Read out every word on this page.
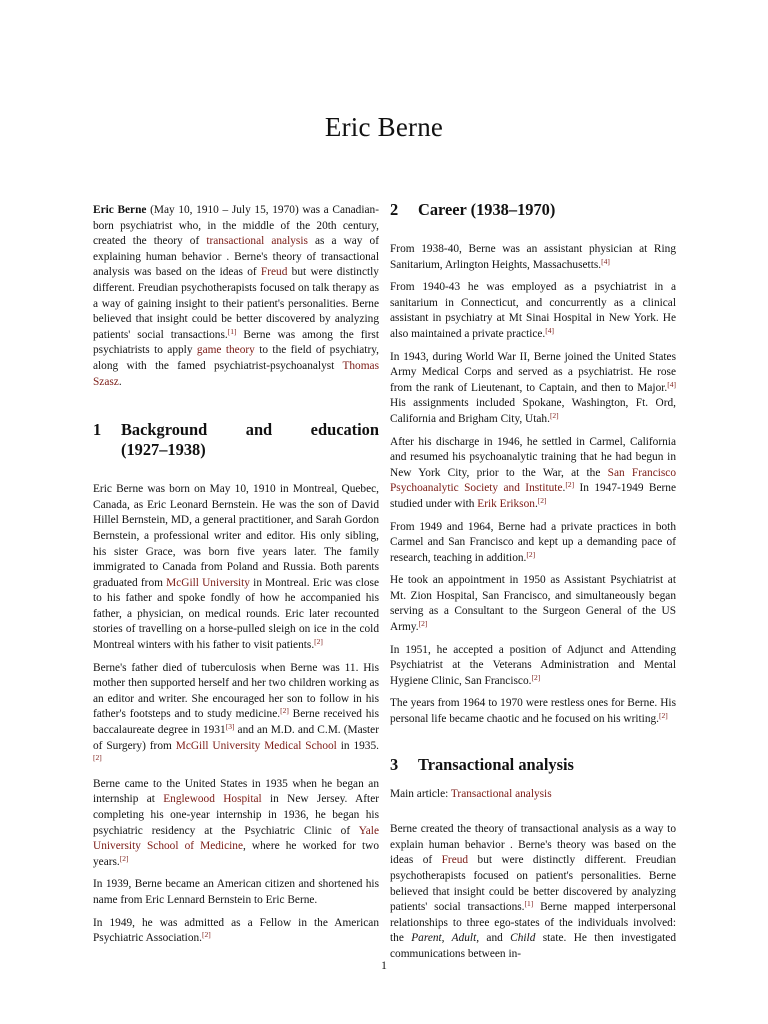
Eric Berne

Eric Berne (May 10, 1910 – July 15, 1970) was a Canadian-born psychiatrist who, in the middle of the 20th century, created the theory of transactional analysis as a way of explaining human behavior . Berne's theory of transactional analysis was based on the ideas of Freud but were distinctly different. Freudian psychotherapists focused on talk therapy as a way of gaining insight to their patient's personalities. Berne believed that insight could be better discovered by analyzing patients' social transactions.[1] Berne was among the first psychiatrists to apply game theory to the field of psychiatry, along with the famed psychiatrist-psychoanalyst Thomas Szasz.

1	Background and education
(1927–1938)

Eric Berne was born on May 10, 1910 in Montreal, Quebec, Canada, as Eric Leonard Bernstein. He was the son of David Hillel Bernstein, MD, a general practitioner, and Sarah Gordon Bernstein, a professional writer and editor. His only sibling, his sister Grace, was born five years later. The family immigrated to Canada from Poland and Russia. Both parents graduated from McGill University in Montreal. Eric was close to his father and spoke fondly of how he accompanied his father, a physician, on medical rounds. Eric later recounted stories of travelling on a horse-pulled sleigh on ice in the cold Montreal winters with his father to visit patients.[2]

Berne's father died of tuberculosis when Berne was 11. His mother then supported herself and her two children working as an editor and writer. She encouraged her son to follow in his father's footsteps and to study medicine.[2] Berne received his baccalaureate degree in 1931[3] and an M.D. and C.M. (Master of Surgery) from McGill University Medical School in 1935.[2]

Berne came to the United States in 1935 when he began an internship at Englewood Hospital in New Jersey. After completing his one-year internship in 1936, he began his psychiatric residency at the Psychiatric Clinic of Yale University School of Medicine, where he worked for two years.[2]

In 1939, Berne became an American citizen and shortened his name from Eric Lennard Bernstein to Eric Berne.

In 1949, he was admitted as a Fellow in the American Psychiatric Association.[2]

2	Career (1938–1970)

From 1938-40, Berne was an assistant physician at Ring Sanitarium, Arlington Heights, Massachusetts.[4]

From 1940-43 he was employed as a psychiatrist in a sanitarium in Connecticut, and concurrently as a clinical assistant in psychiatry at Mt Sinai Hospital in New York. He also maintained a private practice.[4]

In 1943, during World War II, Berne joined the United States Army Medical Corps and served as a psychiatrist. He rose from the rank of Lieutenant, to Captain, and then to Major.[4] His assignments included Spokane, Washington, Ft. Ord, California and Brigham City, Utah.[2]

After his discharge in 1946, he settled in Carmel, California and resumed his psychoanalytic training that he had begun in New York City, prior to the War, at the San Francisco Psychoanalytic Society and Institute.[2] In 1947-1949 Berne studied under with Erik Erikson.[2]

From 1949 and 1964, Berne had a private practices in both Carmel and San Francisco and kept up a demanding pace of research, teaching in addition.[2]

He took an appointment in 1950 as Assistant Psychiatrist at Mt. Zion Hospital, San Francisco, and simultaneously began serving as a Consultant to the Surgeon General of the US Army.[2]

In 1951, he accepted a position of Adjunct and Attending Psychiatrist at the Veterans Administration and Mental Hygiene Clinic, San Francisco.[2]

The years from 1964 to 1970 were restless ones for Berne. His personal life became chaotic and he focused on his writing.[2]

3	Transactional analysis
Main article: Transactional analysis

Berne created the theory of transactional analysis as a way to explain human behavior . Berne's theory was based on the ideas of Freud but were distinctly different. Freudian psychotherapists focused on patient's personalities. Berne believed that insight could be better discovered by analyzing patients' social transactions.[1] Berne mapped interpersonal relationships to three ego-states of the individuals involved: the Parent, Adult, and Child state. He then investigated communications between in-

1
